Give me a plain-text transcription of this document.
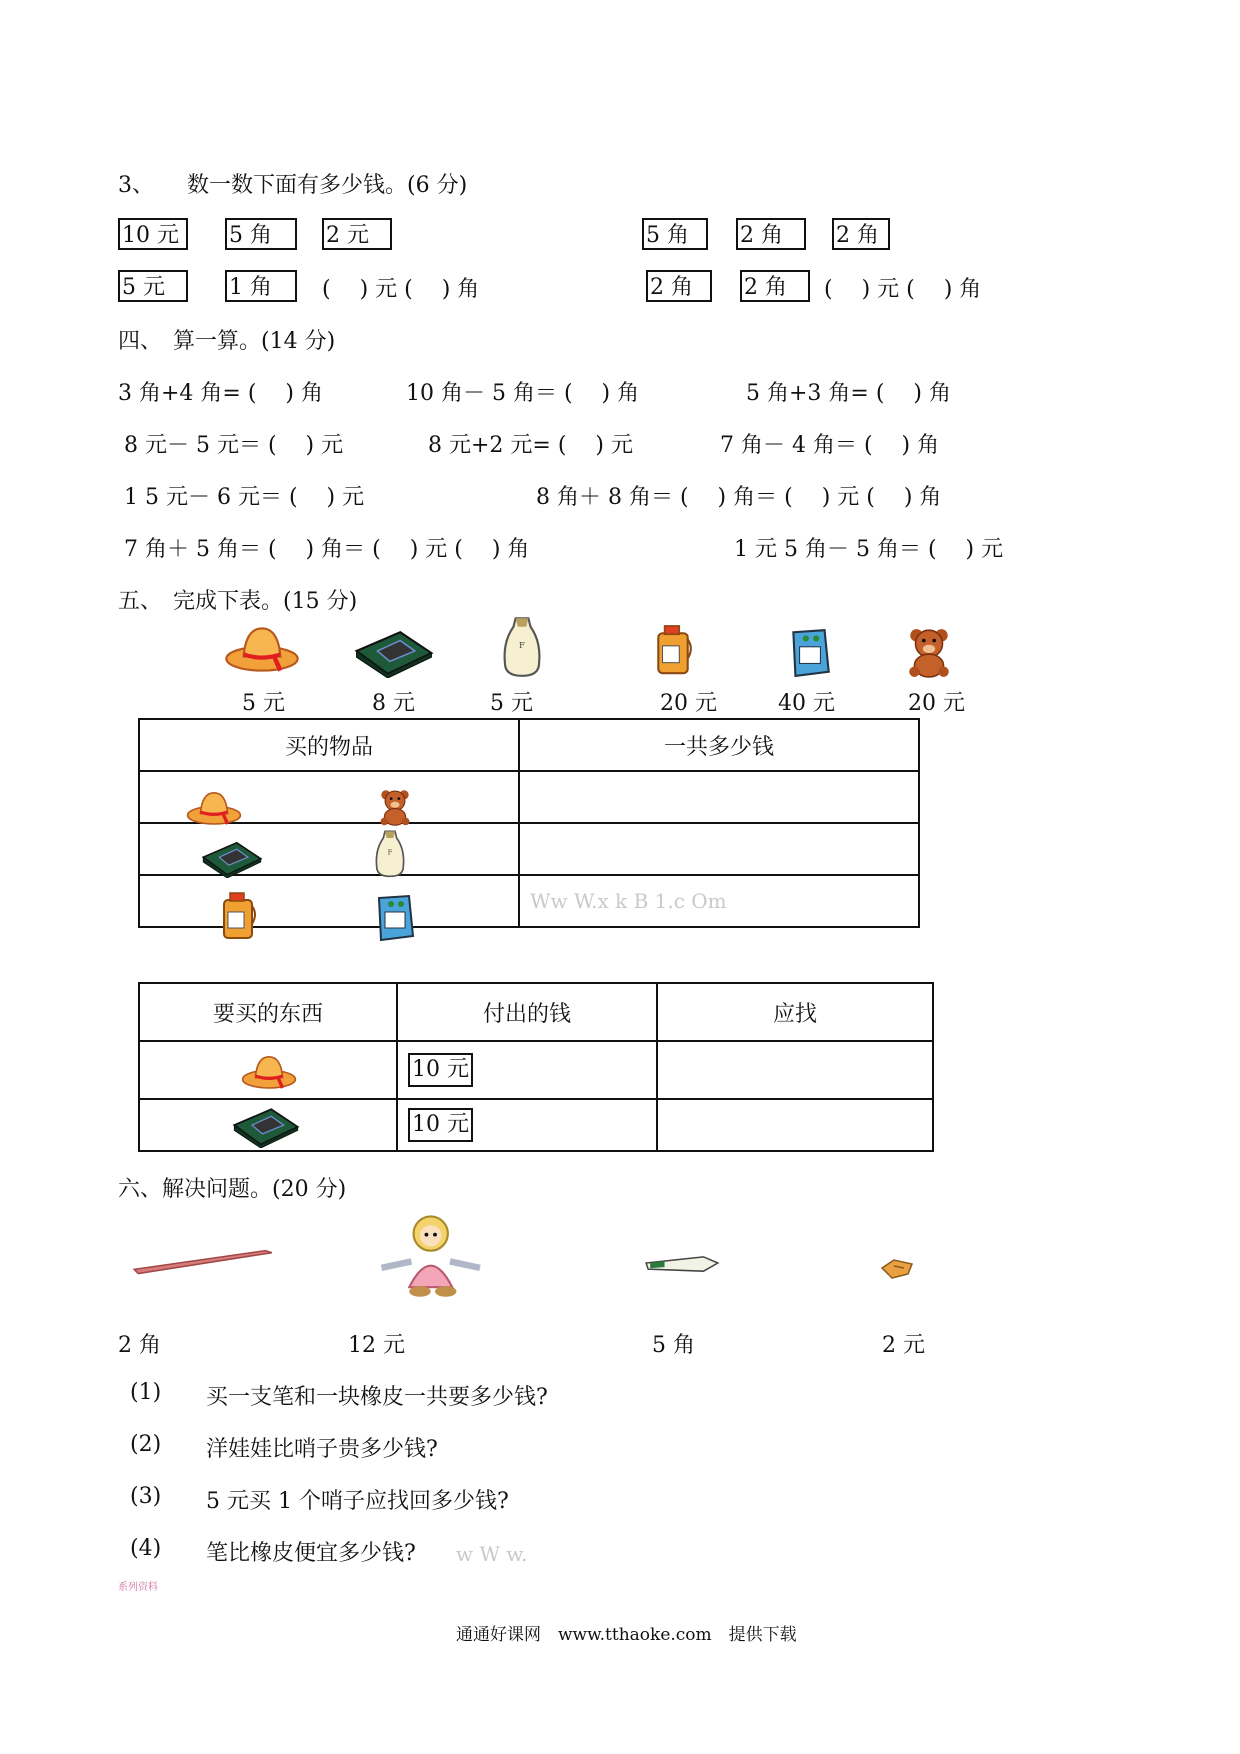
3、　　数一数下面有多少钱。(6 分)
10 元	5 角	2 元
5 元	1 角	(　 ) 元 (　 ) 角
5 角	2 角	2 角
2 角	2 角	(　 ) 元 (　 ) 角
四、　算一算。(14 分)
3 角+4 角= (　 ) 角	10 角－ 5 角＝ (　 ) 角	5 角+3 角= (　 ) 角
8 元－ 5 元＝ (　 ) 元	8 元+2 元= (　 ) 元	7 角－ 4 角＝ (　 ) 角
1 5 元－ 6 元＝ (　 ) 元	8 角＋ 8 角＝ (　 ) 角＝ (　 ) 元 (　 ) 角
7 角＋ 5 角＝ (　 ) 角＝ (　 ) 元 (　 ) 角	1 元 5 角－ 5 角＝ (　 ) 元
五、　完成下表。(15 分)
5 元	8 元	5 元	20 元	40 元	20 元
买的物品	一共多少钱

	Ww W.x k B 1.c Om
要买的东西	付出的钱	应找

	10 元	

	10 元	
六、解决问题。(20 分)
2 角	12 元	5 角	2 元
(1) 买一支笔和一块橡皮一共要多少钱?
(2) 洋娃娃比哨子贵多少钱?
(3) 5 元买 1 个哨子应找回多少钱?
(4) 笔比橡皮便宜多少钱? w W w.
系列资料
通通好课网　www.tthaoke.com　提供下载
